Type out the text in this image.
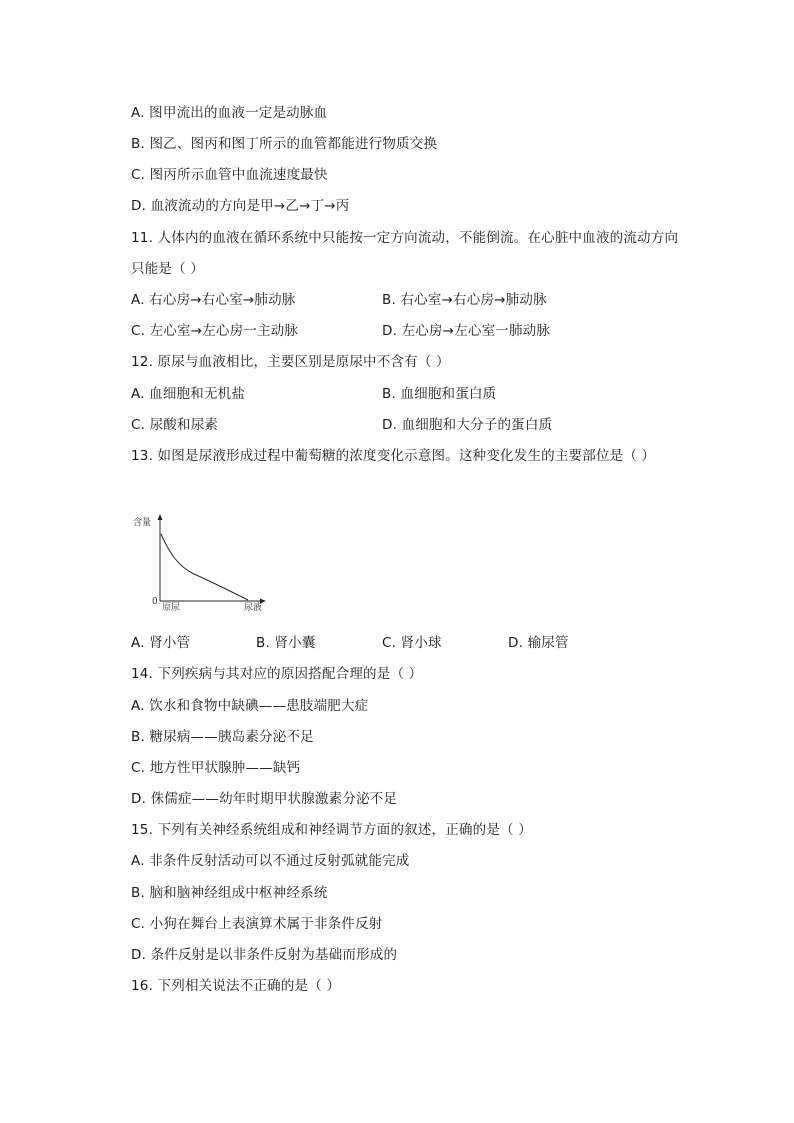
A. 图甲流出的血液一定是动脉血
B. 图乙、图丙和图丁所示的血管都能进行物质交换
C. 图丙所示血管中血流速度最快
D. 血液流动的方向是甲→乙→丁→丙
11. 人体内的血液在循环系统中只能按一定方向流动，不能倒流。在心脏中血液的流动方向
只能是（ ）
A. 右心房→右心室→肺动脉	B. 右心室→右心房→肺动脉
C. 左心室→左心房一主动脉	D. 左心房→左心室一肺动脉
12. 原尿与血液相比，主要区别是原尿中不含有（ ）
A. 血细胞和无机盐	B. 血细胞和蛋白质
C. 尿酸和尿素	D. 血细胞和大分子的蛋白质
13. 如图是尿液形成过程中葡萄糖的浓度变化示意图。这种变化发生的主要部位是（ ）
含量
0
原尿	尿液
A. 肾小管	B. 肾小囊	C. 肾小球	D. 输尿管
14. 下列疾病与其对应的原因搭配合理的是（ ）
A. 饮水和食物中缺碘——患肢端肥大症
B. 糖尿病——胰岛素分泌不足
C. 地方性甲状腺肿——缺钙
D. 侏儒症——幼年时期甲状腺激素分泌不足
15. 下列有关神经系统组成和神经调节方面的叙述，正确的是（ ）
A. 非条件反射活动可以不通过反射弧就能完成
B. 脑和脑神经组成中枢神经系统
C. 小狗在舞台上表演算术属于非条件反射
D. 条件反射是以非条件反射为基础而形成的
16. 下列相关说法不正确的是（ ）
